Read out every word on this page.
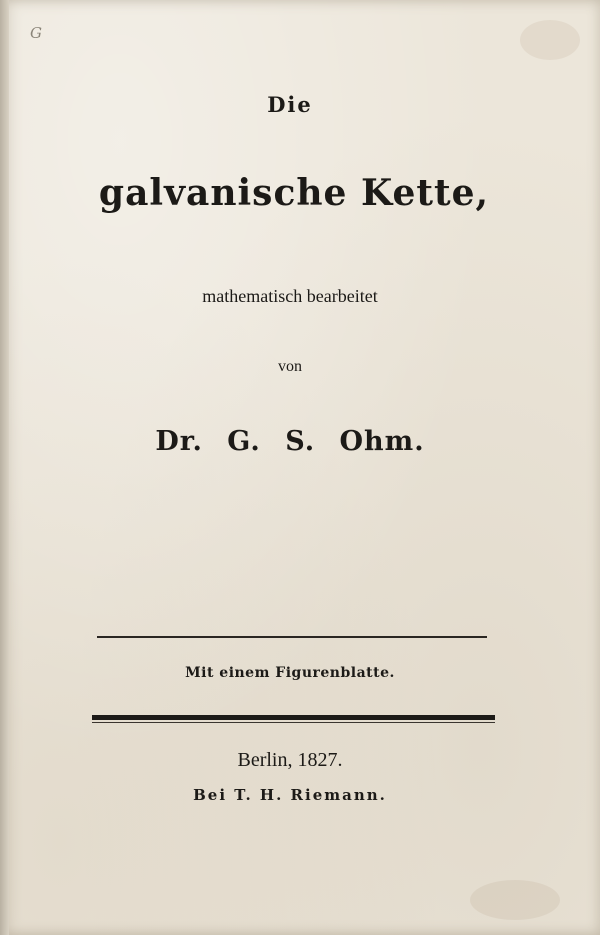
G
Die
galvanische Kette,
mathematisch bearbeitet
von
Dr. G. S. Ohm.
Mit einem Figurenblatte.
Berlin, 1827.
Bei T. H. Riemann.
